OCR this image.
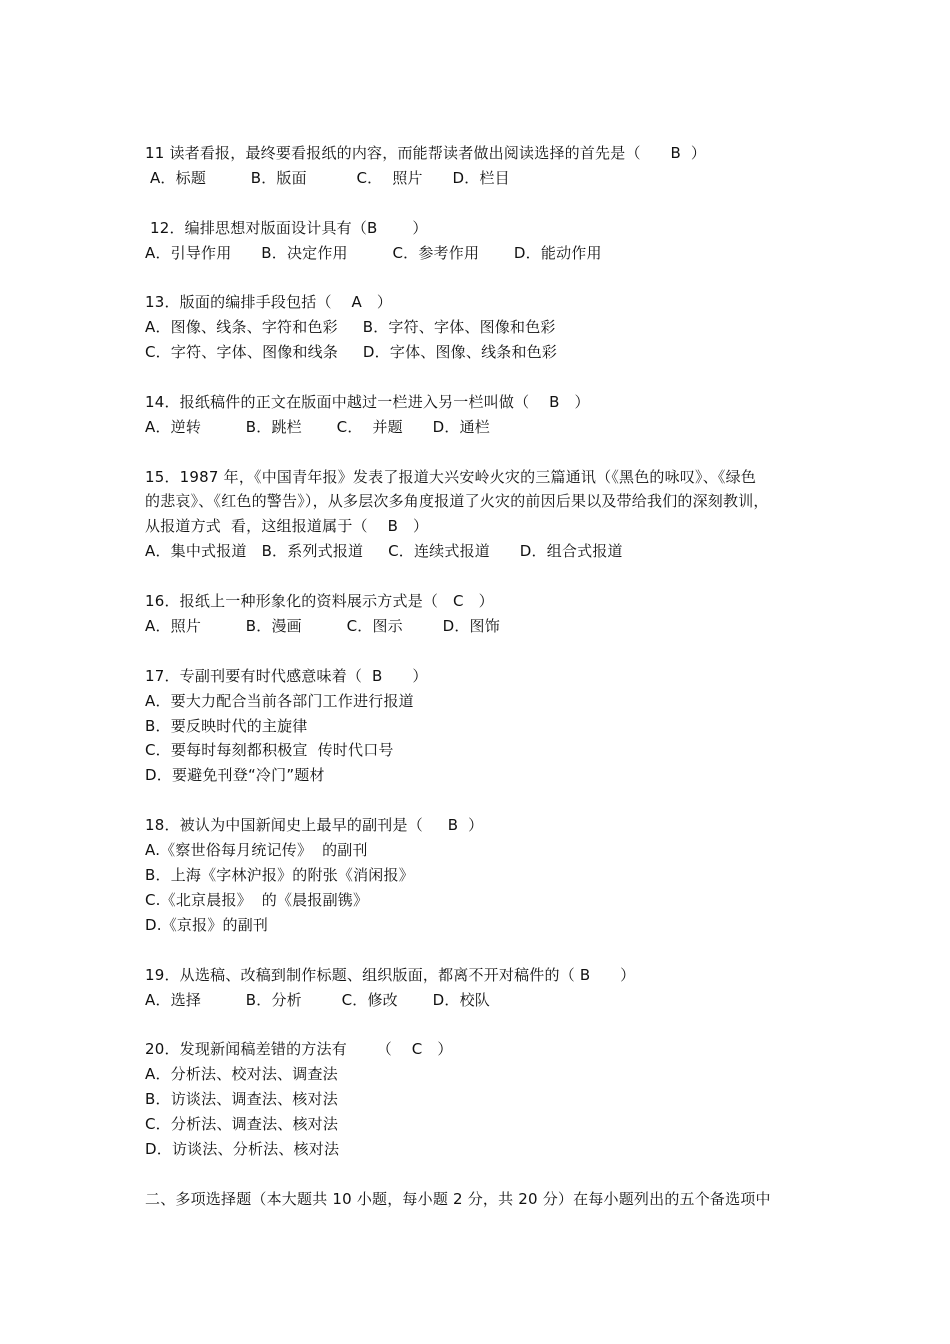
11 读者看报，最终要看报纸的内容，而能帮读者做出阅读选择的首先是（      B  ）
A．标题         B．版面          C．  照片      D．栏目
12．编排思想对版面设计具有（B       ）
A．引导作用      B．决定作用         C．参考作用       D．能动作用
13．版面的编排手段包括（    A   ）
A．图像、线条、字符和色彩     B．字符、字体、图像和色彩
C．字符、字体、图像和线条     D．字体、图像、线条和色彩
14．报纸稿件的正文在版面中越过一栏进入另一栏叫做（    B   ）
A．逆转         B．跳栏       C．  并题      D．通栏
15．1987 年，《中国青年报》发表了报道大兴安岭火灾的三篇通讯（《黑色的咏叹》、《绿色
的悲哀》、《红色的警告》），从多层次多角度报道了火灾的前因后果以及带给我们的深刻教训，
从报道方式  看，这组报道属于（    B   ）
A．集中式报道   B．系列式报道     C．连续式报道      D．组合式报道
16．报纸上一种形象化的资料展示方式是（   C   ）
A．照片         B．漫画         C．图示        D．图饰
17．专副刊要有时代感意味着（  B      ）
A．要大力配合当前各部门工作进行报道
B．要反映时代的主旋律
C．要每时每刻都积极宣  传时代口号
D．要避免刊登“冷门”题材
18．被认为中国新闻史上最早的副刊是（     B  ）
A.《察世俗每月统记传》  的副刊
B．上海《字林沪报》的附张《消闲报》
C.《北京晨报》  的《晨报副镌》
D.《京报》的副刊
19．从选稿、改稿到制作标题、组织版面，都离不开对稿件的（ B      ）
A．选择         B．分析        C．修改       D．校队
20．发现新闻稿差错的方法有      （    C   ）
A．分析法、校对法、调查法
B．访谈法、调查法、核对法
C．分析法、调查法、核对法
D．访谈法、分析法、核对法
二、多项选择题（本大题共 10 小题，每小题 2 分，共 20 分）在每小题列出的五个备选项中
